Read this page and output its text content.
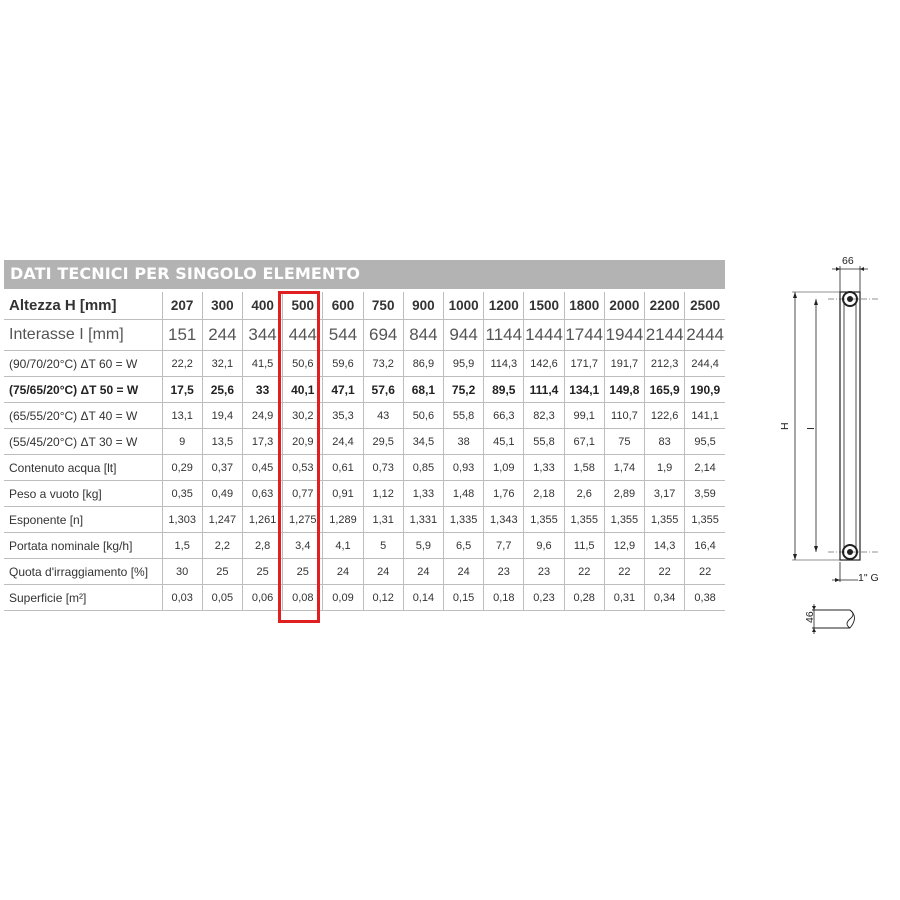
DATI TECNICI PER SINGOLO ELEMENTO
Altezza H [mm]	207	300	400	500	600	750	900	1000	1200	1500	1800	2000	2200	2500
Interasse I [mm]	151	244	344	444	544	694	844	944	1144	1444	1744	1944	2144	2444
(90/70/20°C) ΔT 60 = W	22,2	32,1	41,5	50,6	59,6	73,2	86,9	95,9	114,3	142,6	171,7	191,7	212,3	244,4
(75/65/20°C) ΔT 50 = W	17,5	25,6	33	40,1	47,1	57,6	68,1	75,2	89,5	111,4	134,1	149,8	165,9	190,9
(65/55/20°C) ΔT 40 = W	13,1	19,4	24,9	30,2	35,3	43	50,6	55,8	66,3	82,3	99,1	110,7	122,6	141,1
(55/45/20°C) ΔT 30 = W	9	13,5	17,3	20,9	24,4	29,5	34,5	38	45,1	55,8	67,1	75	83	95,5
Contenuto acqua [lt]	0,29	0,37	0,45	0,53	0,61	0,73	0,85	0,93	1,09	1,33	1,58	1,74	1,9	2,14
Peso a vuoto [kg]	0,35	0,49	0,63	0,77	0,91	1,12	1,33	1,48	1,76	2,18	2,6	2,89	3,17	3,59
Esponente [n]	1,303	1,247	1,261	1,275	1,289	1,31	1,331	1,335	1,343	1,355	1,355	1,355	1,355	1,355
Portata nominale [kg/h]	1,5	2,2	2,8	3,4	4,1	5	5,9	6,5	7,7	9,6	11,5	12,9	14,3	16,4
Quota d'irraggiamento [%]	30	25	25	25	24	24	24	24	23	23	22	22	22	22
Superficie [m²]	0,03	0,05	0,06	0,08	0,09	0,12	0,14	0,15	0,18	0,23	0,28	0,31	0,34	0,38
66
H I
1" G
46
